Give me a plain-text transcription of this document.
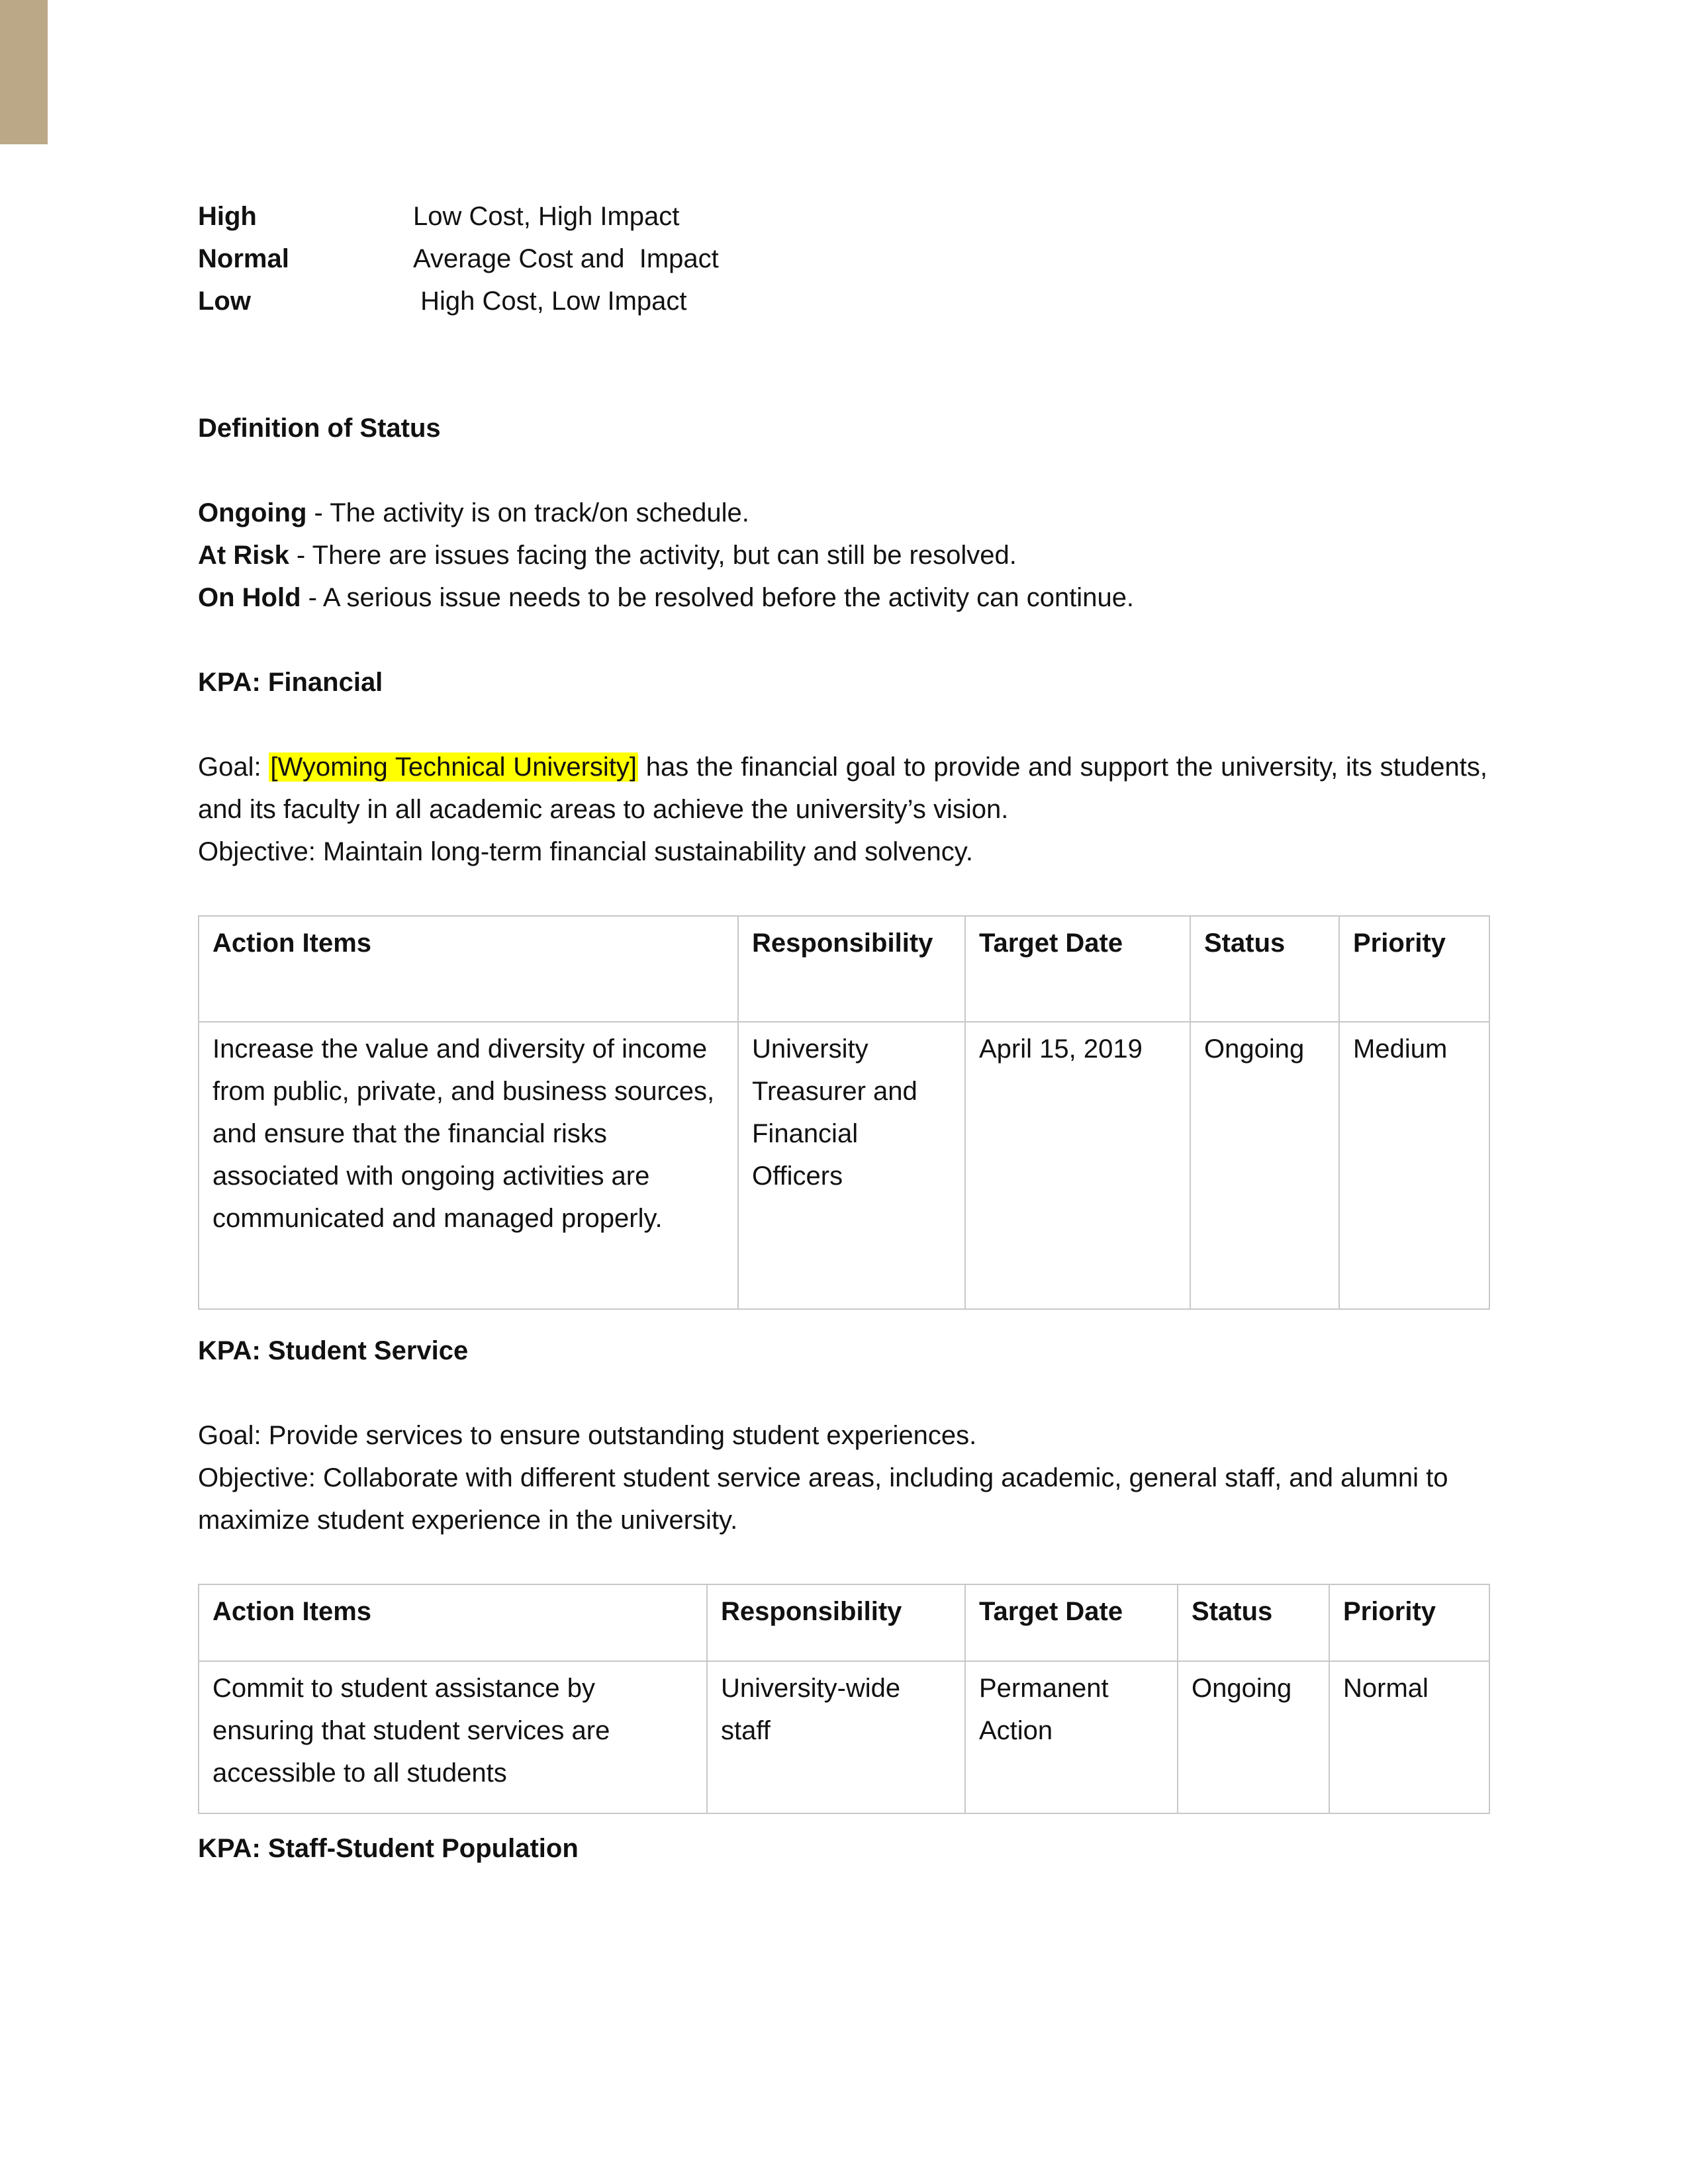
High	Low Cost, High Impact
Normal	Average Cost and  Impact
Low	High Cost, Low Impact
Definition of Status
Ongoing - The activity is on track/on schedule.
At Risk - There are issues facing the activity, but can still be resolved.
On Hold - A serious issue needs to be resolved before the activity can continue.
KPA: Financial
Goal: [Wyoming Technical University] has the financial goal to provide and support the university, its students, and its faculty in all academic areas to achieve the university’s vision.
Objective: Maintain long-term financial sustainability and solvency.
Action Items	Responsibility	Target Date	Status	Priority
Increase the value and diversity of income from public, private, and business sources, and ensure that the financial risks associated with ongoing activities are communicated and managed properly.	University Treasurer and Financial Officers	April 15, 2019	Ongoing	Medium
KPA: Student Service
Goal: Provide services to ensure outstanding student experiences.
Objective: Collaborate with different student service areas, including academic, general staff, and alumni to maximize student experience in the university.
Action Items	Responsibility	Target Date	Status	Priority
Commit to student assistance by ensuring that student services are accessible to all students	University-wide staff	Permanent Action	Ongoing	Normal
KPA: Staff-Student Population
